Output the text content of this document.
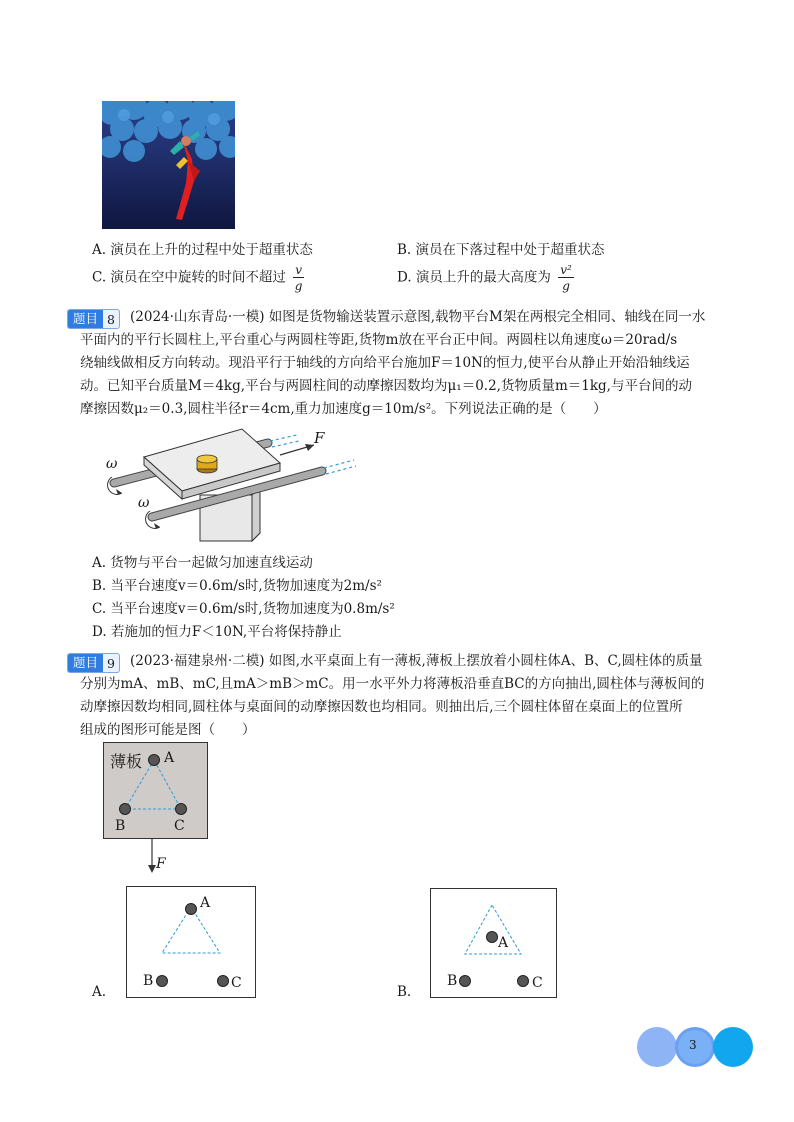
A. 演员在上升的过程中处于超重状态	B. 演员在下落过程中处于超重状态
C. 演员在空中旋转的时间不超过 $\frac{v}{g}$	D. 演员上升的最大高度为 $\frac{\text{v²}}{g}$
题目 8 (2024·山东青岛·一模) 如图是货物输送装置示意图,载物平台M架在两根完全相同、轴线在同一水
平面内的平行长圆柱上,平台重心与两圆柱等距,货物m放在平台正中间。两圆柱以角速度ω＝20rad/s
绕轴线做相反方向转动。现沿平行于轴线的方向给平台施加F＝10N的恒力,使平台从静止开始沿轴线运
动。已知平台质量M＝4kg,平台与两圆柱间的动摩擦因数均为μ₁＝0.2,货物质量m＝1kg,与平台间的动
摩擦因数μ₂＝0.3,圆柱半径r＝4cm,重力加速度g＝10m/s²。下列说法正确的是（　　）
F
ω
ω
A. 货物与平台一起做匀加速直线运动
B. 当平台速度v＝0.6m/s时,货物加速度为2m/s²
C. 当平台速度v＝0.6m/s时,货物加速度为0.8m/s²
D. 若施加的恒力F＜10N,平台将保持静止
题目 9 (2023·福建泉州·二模) 如图,水平桌面上有一薄板,薄板上摆放着小圆柱体A、B、C,圆柱体的质量
分别为mA、mB、mC,且mA＞mB＞mC。用一水平外力将薄板沿垂直BC的方向抽出,圆柱体与薄板间的
动摩擦因数均相同,圆柱体与桌面间的动摩擦因数也均相同。则抽出后,三个圆柱体留在桌面上的位置所
组成的图形可能是图（　　）
薄板 A
B	C
F
A.
A
B	C
B.
A
B	C
3
